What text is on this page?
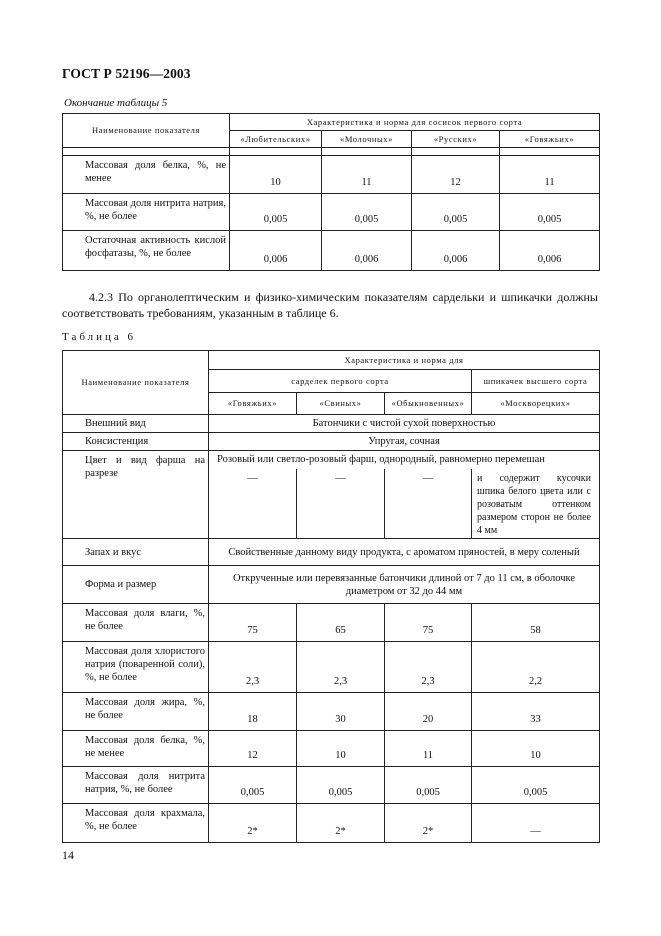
ГОСТ Р 52196—2003
Окончание таблицы 5
Наименование показателя	Характеристика и норма для сосисок первого сорта			
	«Любительских»	«Молочных»	«Русских»	«Говяжьих»

Массовая доля белка, %, не менее	10	11	12	11
Массовая доля нитрита натрия, %, не более	0,005	0,005	0,005	0,005
Остаточная активность кислой фосфатазы, %, не более	0,006	0,006	0,006	0,006
4.2.3 По органолептическим и физико-химическим показателям сардельки и шпикачки должны соответствовать требованиям, указанным в таблице 6.
Таблица 6
Наименование показателя	Характеристика и норма для			
	сарделек первого сорта			шпикачек высшего сорта
	«Говяжьих»	«Свиных»	«Обыкновенных»	«Москворецких»
Внешний вид	Батончики с чистой сухой поверхностью			
Консистенция	Упругая, сочная			
Цвет и вид фарша на разрезе	Розовый или светло-розовый фарш, однородный, равномерно перемешан			
	—	—	—	и содержит кусочки шпика белого цвета или с розоватым оттенком размером сторон не более 4 мм
Запах и вкус	Свойственные данному виду продукта, с ароматом пряностей, в меру соленый			
Форма и размер	Открученные или перевязанные батончики длиной от 7 до 11 см, в оболочке диаметром от 32 до 44 мм			
Массовая доля влаги, %, не более	75	65	75	58
Массовая доля хлористого натрия (поваренной соли), %, не более	2,3	2,3	2,3	2,2
Массовая доля жира, %, не более	18	30	20	33
Массовая доля белка, %, не менее	12	10	11	10
Массовая доля нитрита натрия, %, не более	0,005	0,005	0,005	0,005
Массовая доля крахмала, %, не более	2*	2*	2*	—
14
